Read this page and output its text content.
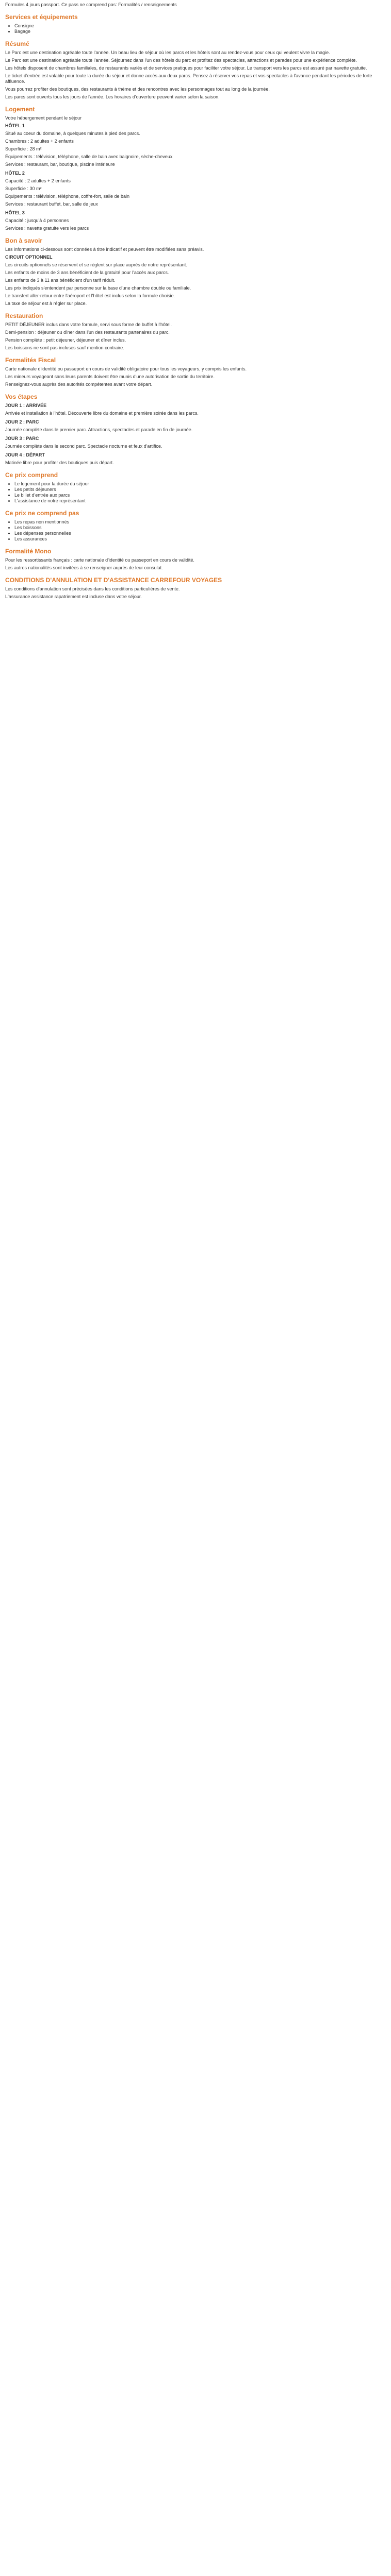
Formules 4 jours passport. Ce pass ne comprend pas: Formalités / renseignements

Services et équipements
• Consigne
• Bagage
Résumé

Le Parc est une destination agréable toute l'année. Un beau lieu de séjour où les parcs et les hôtels sont au rendez-vous pour ceux qui veulent vivre la magie.

Le Parc est une destination agréable toute l'année. Séjournez dans l'un des hôtels du parc et profitez des spectacles, attractions et parades pour une expérience complète.

Les hôtels disposent de chambres familiales, de restaurants variés et de services pratiques pour faciliter votre séjour. Le transport vers les parcs est assuré par navette gratuite.

Le ticket d'entrée est valable pour toute la durée du séjour et donne accès aux deux parcs. Pensez à réserver vos repas et vos spectacles à l'avance pendant les périodes de forte affluence.

Vous pourrez profiter des boutiques, des restaurants à thème et des rencontres avec les personnages tout au long de la journée.

Les parcs sont ouverts tous les jours de l'année. Les horaires d'ouverture peuvent varier selon la saison.

Logement

Votre hébergement pendant le séjour

HÔTEL 1

Situé au coeur du domaine, à quelques minutes à pied des parcs.

Chambres : 2 adultes + 2 enfants

Superficie : 28 m²

Équipements : télévision, téléphone, salle de bain avec baignoire, sèche-cheveux

Services : restaurant, bar, boutique, piscine intérieure

HÔTEL 2

Capacité : 2 adultes + 2 enfants

Superficie : 30 m²

Équipements : télévision, téléphone, coffre-fort, salle de bain

Services : restaurant buffet, bar, salle de jeux

HÔTEL 3

Capacité : jusqu'à 4 personnes

Services : navette gratuite vers les parcs

Bon à savoir

Les informations ci-dessous sont données à titre indicatif et peuvent être modifiées sans préavis.

CIRCUIT OPTIONNEL

Les circuits optionnels se réservent et se règlent sur place auprès de notre représentant.

Les enfants de moins de 3 ans bénéficient de la gratuité pour l'accès aux parcs.

Les enfants de 3 à 11 ans bénéficient d'un tarif réduit.

Les prix indiqués s'entendent par personne sur la base d'une chambre double ou familiale.

Le transfert aller-retour entre l'aéroport et l'hôtel est inclus selon la formule choisie.

La taxe de séjour est à régler sur place.

Restauration

PETIT DÉJEUNER inclus dans votre formule, servi sous forme de buffet à l'hôtel.

Demi-pension : déjeuner ou dîner dans l'un des restaurants partenaires du parc.

Pension complète : petit déjeuner, déjeuner et dîner inclus.

Les boissons ne sont pas incluses sauf mention contraire.

Formalités Fiscal

Carte nationale d'identité ou passeport en cours de validité obligatoire pour tous les voyageurs, y compris les enfants.

Les mineurs voyageant sans leurs parents doivent être munis d'une autorisation de sortie du territoire.

Renseignez-vous auprès des autorités compétentes avant votre départ.

Vos étapes
JOUR 1 : ARRIVÉE

Arrivée et installation à l'hôtel. Découverte libre du domaine et première soirée dans les parcs.

JOUR 2 : PARC

Journée complète dans le premier parc. Attractions, spectacles et parade en fin de journée.

JOUR 3 : PARC

Journée complète dans le second parc. Spectacle nocturne et feux d'artifice.

JOUR 4 : DÉPART

Matinée libre pour profiter des boutiques puis départ.

Ce prix comprend
• Le logement pour la durée du séjour
• Les petits déjeuners
• Le billet d'entrée aux parcs
• L'assistance de notre représentant
Ce prix ne comprend pas
• Les repas non mentionnés
• Les boissons
• Les dépenses personnelles
• Les assurances
Formalité Mono

Pour les ressortissants français : carte nationale d'identité ou passeport en cours de validité.

Les autres nationalités sont invitées à se renseigner auprès de leur consulat.

CONDITIONS D'ANNULATION ET D'ASSISTANCE CARREFOUR VOYAGES

Les conditions d'annulation sont précisées dans les conditions particulières de vente.

L'assurance assistance rapatriement est incluse dans votre séjour.
